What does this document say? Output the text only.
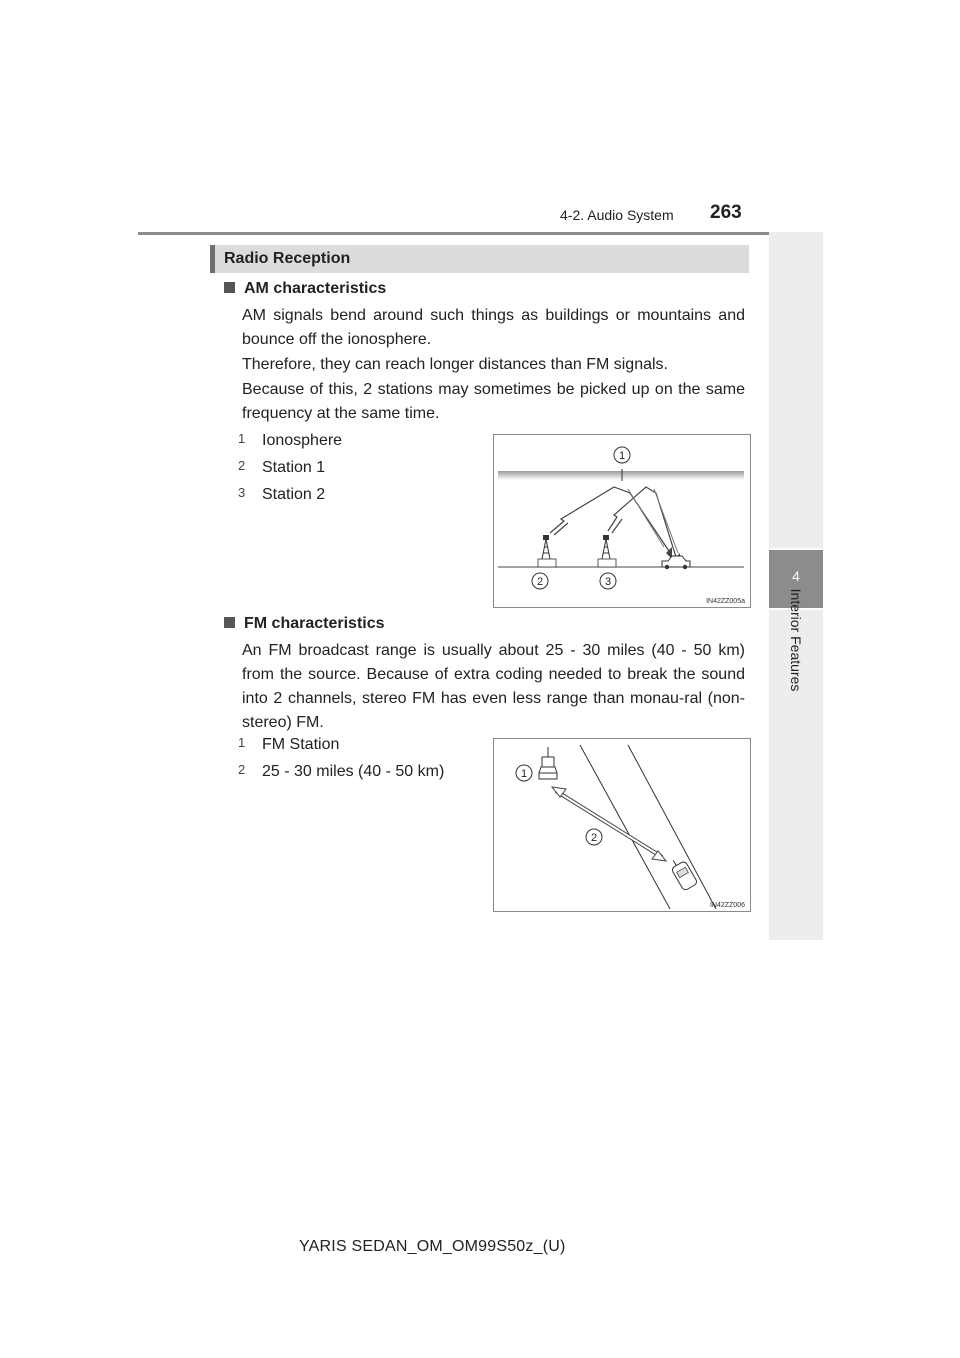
4-2. Audio System 263
4
Interior Features
Radio Reception
AM characteristics
AM signals bend around such things as buildings or mountains and bounce off the ionosphere.
Therefore, they can reach longer distances than FM signals.
Because of this, 2 stations may sometimes be picked up on the same frequency at the same time.
1 Ionosphere
2 Station 1
3 Station 2
1
2	3
IN42ZZ005a
FM characteristics
An FM broadcast range is usually about 25 - 30 miles (40 - 50 km) from the source. Because of extra coding needed to break the sound into 2 channels, stereo FM has even less range than monau-ral (non-stereo) FM.
1 FM Station
2 25 - 30 miles (40 - 50 km)	1
2
IN42ZZ006
YARIS SEDAN_OM_OM99S50z_(U)
